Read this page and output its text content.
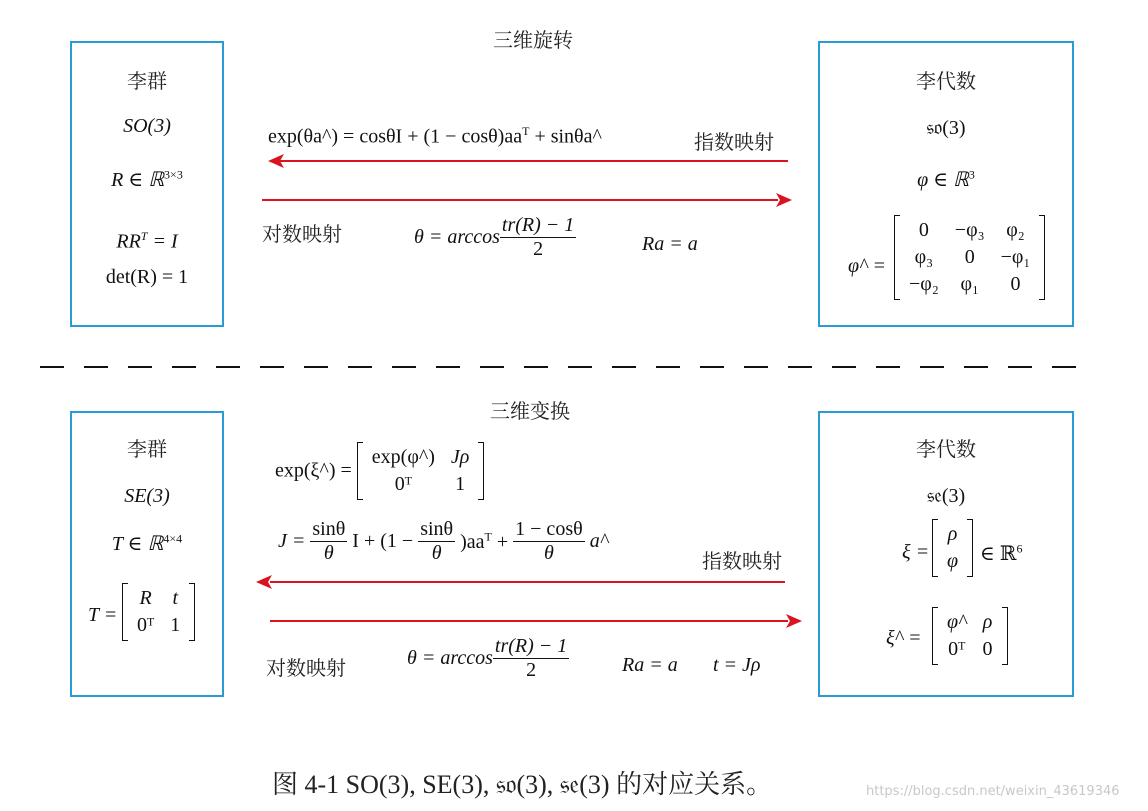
三维旋转
李群
SO(3)
R ∈ ℝ$^{3\times 3}$
$RR^T = I$
det(R) = 1
李代数
𝔰𝔬(3)
φ ∈ ℝ$^3$
φ^ =
0	−φ₃	φ₂
φ₃	0	−φ₁
−φ₂	φ₁	0
exp(θa^) = $\cos\theta I + (1 - \cos\theta)aa^T$ + sinθa^	指数映射
对数映射	$\theta = \arccos \frac{tr(R) - 1}{2}$	Ra = a
三维变换
李群
SE(3)
T ∈ ℝ$^{4\times 4}$
T =
R	t
0ᵀ	1
李代数
𝔰𝔢(3)
ξ =
ρ
φ ∈ ℝ$^6$
ξ^ =
φ^	ρ
0ᵀ	0
exp(ξ^) =
exp(φ^)	Jρ
0ᵀ	1
$J = \frac{\sin\theta}{\theta}$ $I + (1 - \frac{\sin\theta}{\theta} )aa^T + \frac{1 - \cos\theta}{\theta}$ a^
指数映射
对数映射	$\theta = \arccos \frac{tr(R) - 1}{2}$	Ra = a t = Jρ
图 4-1 SO(3), SE(3), 𝔰𝔬(3), 𝔰𝔢(3) 的对应关系。	https://blog.csdn.net/weixin_43619346
